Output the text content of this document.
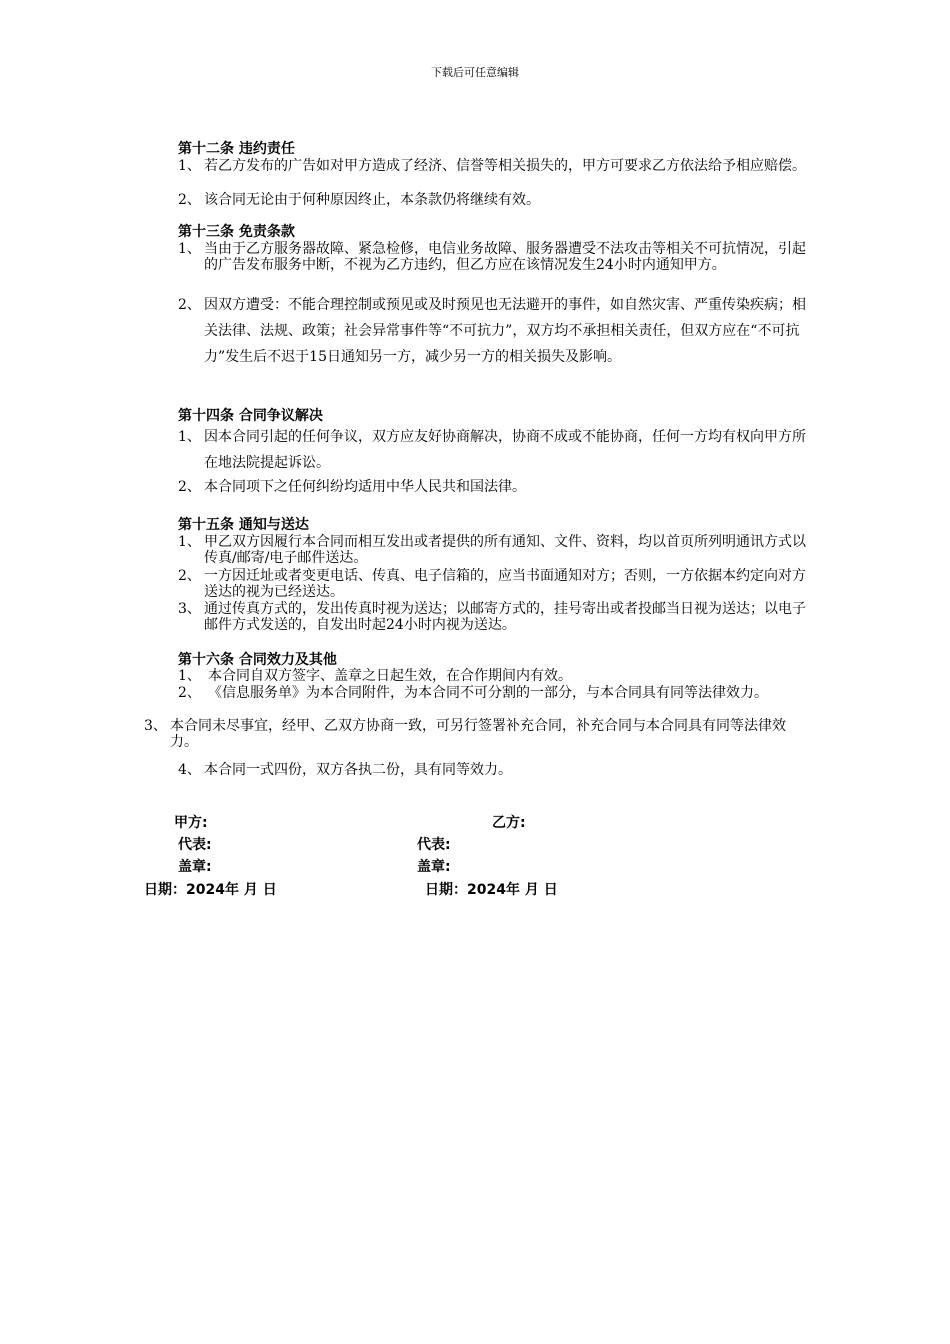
下载后可任意编辑
第十二条 违约责任
1、 若乙方发布的广告如对甲方造成了经济、信誉等相关损失的，甲方可要求乙方依法给予相应赔偿。
2、 该合同无论由于何种原因终止，本条款仍将继续有效。
第十三条 免责条款
1、 当由于乙方服务器故障、紧急检修，电信业务故障、服务器遭受不法攻击等相关不可抗情况，引起的广告发布服务中断，不视为乙方违约，但乙方应在该情况发生24小时内通知甲方。
2、 因双方遭受：不能合理控制或预见或及时预见也无法避开的事件，如自然灾害、严重传染疾病；相关法律、法规、政策；社会异常事件等“不可抗力”，双方均不承担相关责任，但双方应在“不可抗力”发生后不迟于15日通知另一方，减少另一方的相关损失及影响。
第十四条 合同争议解决
1、 因本合同引起的任何争议，双方应友好协商解决，协商不成或不能协商，任何一方均有权向甲方所在地法院提起诉讼。
2、 本合同项下之任何纠纷均适用中华人民共和国法律。
第十五条 通知与送达
1、 甲乙双方因履行本合同而相互发出或者提供的所有通知、文件、资料，均以首页所列明通讯方式以传真/邮寄/电子邮件送达。
2、 一方因迁址或者变更电话、传真、电子信箱的，应当书面通知对方；否则，一方依据本约定向对方送达的视为已经送达。
3、 通过传真方式的，发出传真时视为送达；以邮寄方式的，挂号寄出或者投邮当日视为送达；以电子邮件方式发送的，自发出时起24小时内视为送达。
第十六条 合同效力及其他
1、 本合同自双方签字、盖章之日起生效，在合作期间内有效。
2、 《信息服务单》为本合同附件，为本合同不可分割的一部分，与本合同具有同等法律效力。
3、 本合同未尽事宜，经甲、乙双方协商一致，可另行签署补充合同，补充合同与本合同具有同等法律效力。
4、 本合同一式四份，双方各执二份，具有同等效力。
甲方:	乙方:
代表:	代表:
盖章:	盖章:
日期：2024年 月 日	日期：2024年 月 日
